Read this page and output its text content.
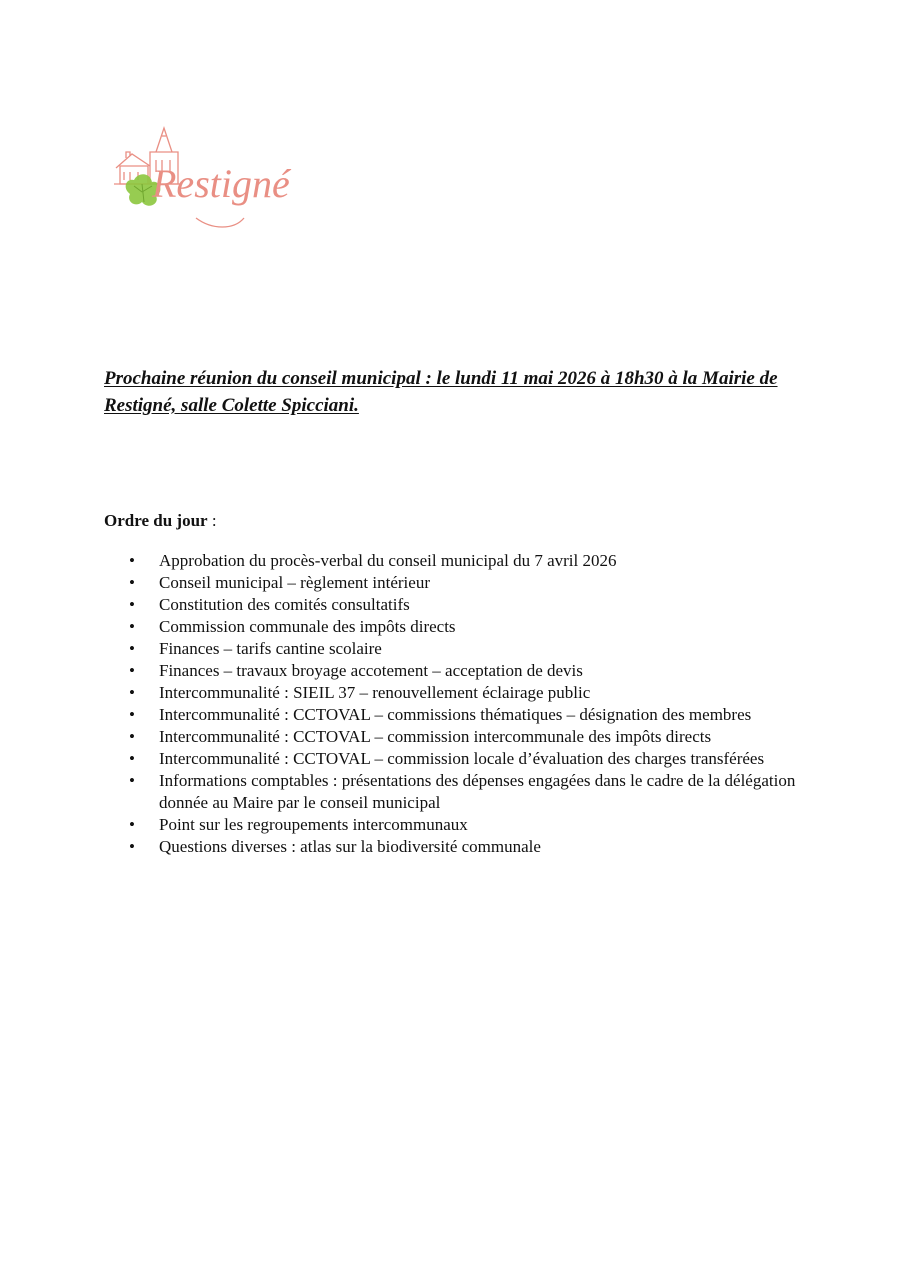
Restigné
Prochaine réunion du conseil municipal : le lundi 11 mai 2026 à 18h30 à la Mairie de Restigné, salle Colette Spicciani.
Ordre du jour :
• Approbation du procès-verbal du conseil municipal du 7 avril 2026
• Conseil municipal – règlement intérieur
• Constitution des comités consultatifs
• Commission communale des impôts directs
• Finances – tarifs cantine scolaire
• Finances – travaux broyage accotement – acceptation de devis
• Intercommunalité : SIEIL 37 – renouvellement éclairage public
• Intercommunalité : CCTOVAL – commissions thématiques – désignation des membres
• Intercommunalité : CCTOVAL – commission intercommunale des impôts directs
• Intercommunalité : CCTOVAL – commission locale d’évaluation des charges transférées
• Informations comptables : présentations des dépenses engagées dans le cadre de la délégation donnée au Maire par le conseil municipal
• Point sur les regroupements intercommunaux
• Questions diverses : atlas sur la biodiversité communale
